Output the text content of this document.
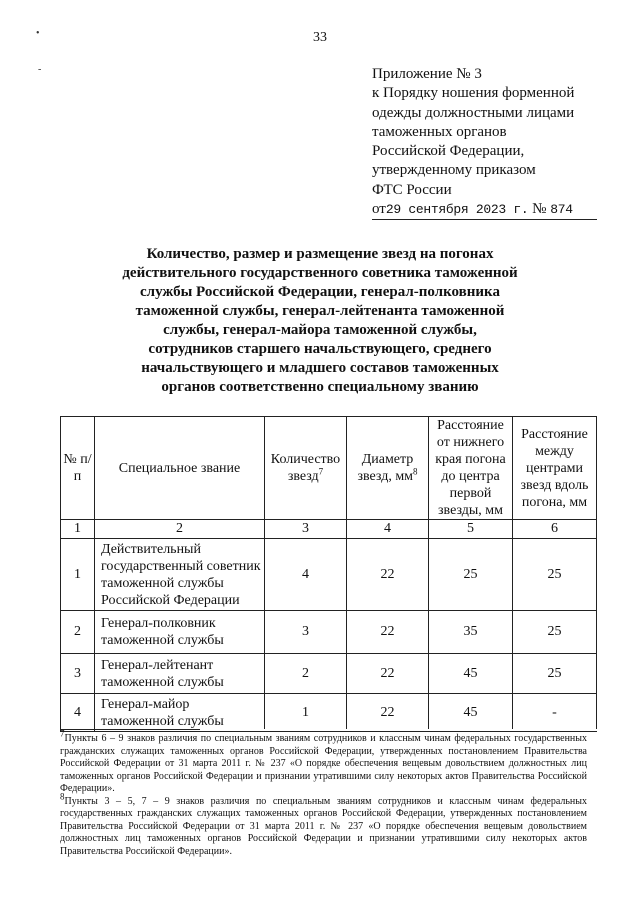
33
•
-	Приложение № 3
к Порядку ношения форменной
одежды должностными лицами
таможенных органов
Российской Федерации,
утвержденному приказом
ФТС России
от29 сентября 2023 г. № 874
Количество, размер и размещение звезд на погонах
действительного государственного советника таможенной
службы Российской Федерации, генерал-полковника
таможенной службы, генерал-лейтенанта таможенной
службы, генерал-майора таможенной службы,
сотрудников старшего начальствующего, среднего
начальствующего и младшего составов таможенных
органов соответственно специальному званию
№ п/п	Специальное звание	Количество звезд$^7$	Диаметр звезд, $мм^8$	Расстояние от нижнего края погона до центра первой звезды, мм	Расстояние между центрами звезд вдоль погона, мм
1	2	3	4	5	6
1	Действительный государственный советник таможенной службы Российской Федерации	4	22	25	25
2	Генерал-полковник таможенной службы	3	22	35	25
3	Генерал-лейтенант таможенной службы	2	22	45	25
4	Генерал-майор таможенной службы	1	22	45	-
$^7$Пункты 6 – 9 знаков различия по специальным званиям сотрудников и классным чинам федеральных государственных гражданских служащих таможенных органов Российской Федерации, утвержденных постановлением Правительства Российской Федерации от 31 марта 2011 г. № 237 «О порядке обеспечения вещевым довольствием должностных лиц таможенных органов Российской Федерации и признании утратившими силу некоторых актов Правительства Российской Федерации».
$^8$Пункты 3 – 5, 7 – 9 знаков различия по специальным званиям сотрудников и классным чинам федеральных государственных гражданских служащих таможенных органов Российской Федерации, утвержденных постановлением Правительства Российской Федерации от 31 марта 2011 г. № 237 «О порядке обеспечения вещевым довольствием должностных лиц таможенных органов Российской Федерации и признании утратившими силу некоторых актов Правительства Российской Федерации».
